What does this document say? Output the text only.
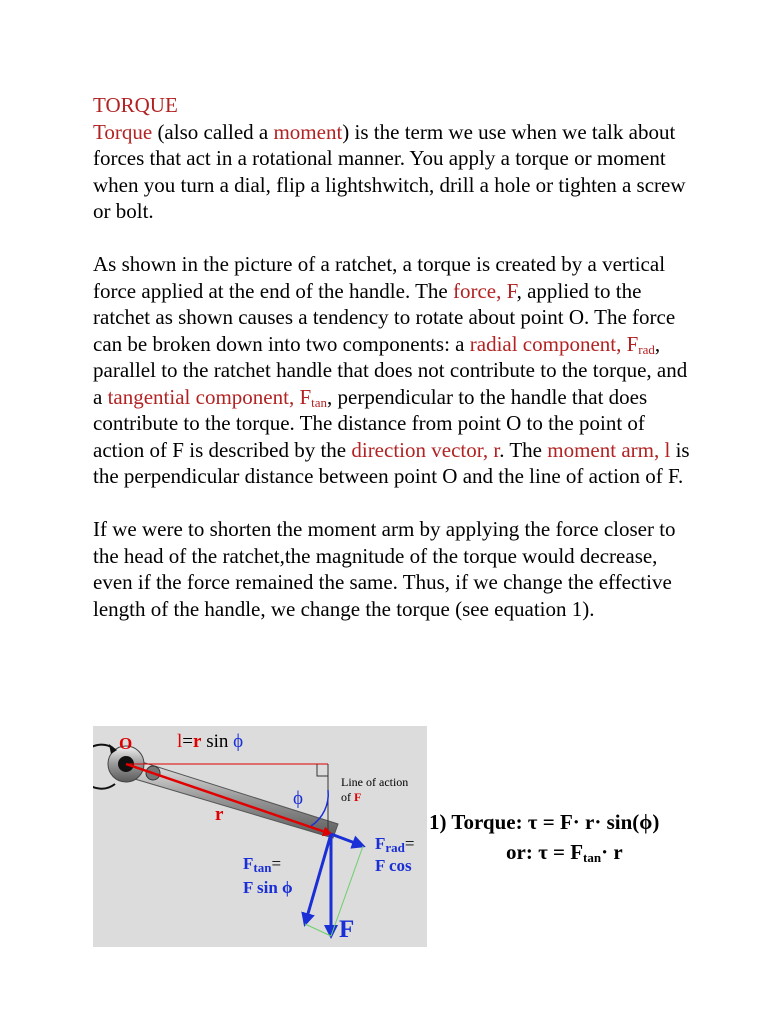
TORQUE

Torque (also called a moment) is the term we use when we talk about forces that act in a rotational manner. You apply a torque or moment when you turn a dial, flip a lightshwitch, drill a hole or tighten a screw or bolt.

As shown in the picture of a ratchet, a torque is created by a vertical force applied at the end of the handle. The force, F, applied to the ratchet as shown causes a tendency to rotate about point O. The force can be broken down into two components: a radial component, $F_{rad}$, parallel to the ratchet handle that does not contribute to the torque, and a tangential component, $F_{tan}$, perpendicular to the handle that does contribute to the torque. The distance from point O to the point of action of F is described by the direction vector, r. The moment arm, l is the perpendicular distance between point O and the line of action of F.

If we were to shorten the moment arm by applying the force closer to the head of the ratchet,the magnitude of the torque would decrease, even if the force remained the same. Thus, if we change the effective length of the handle, we change the torque (see equation 1).

O l=r sin ϕ
Line of action
of F
ϕ
r
$F_{rad}=$
F cos
$F_{tan}=$
F sin ϕ
F
1) Torque: τ = F· r· sin(ϕ)
or: $\tau = F_{tan}\cdot r$
